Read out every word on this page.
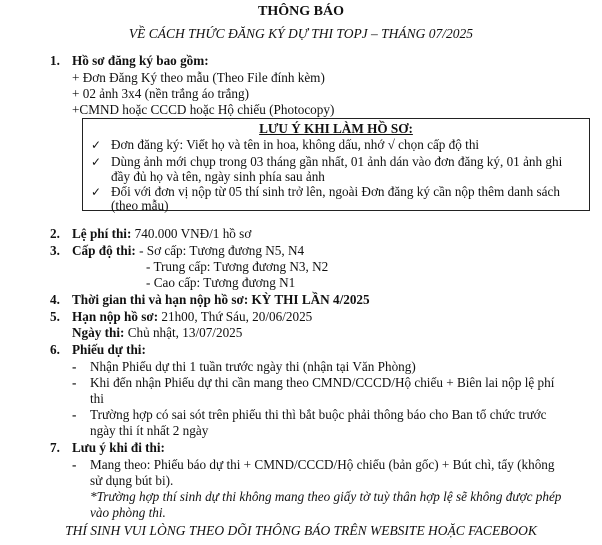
THÔNG BÁO
VỀ CÁCH THỨC ĐĂNG KÝ DỰ THI TOPJ – THÁNG 07/2025
1. Hồ sơ đăng ký bao gồm:
+ Đơn Đăng Ký theo mẫu (Theo File đính kèm)
+ 02 ảnh 3x4 (nền trắng áo trắng)
+CMND hoặc CCCD hoặc Hộ chiếu (Photocopy)
LƯU Ý KHI LÀM HỒ SƠ:
✓ Đơn đăng ký: Viết họ và tên in hoa, không dấu, nhớ √ chọn cấp độ thi
✓ Dùng ảnh mới chụp trong 03 tháng gần nhất, 01 ảnh dán vào đơn đăng ký, 01 ảnh ghi
đầy đủ họ và tên, ngày sinh phía sau ảnh
✓ Đối với đơn vị nộp từ 05 thí sinh trở lên, ngoài Đơn đăng ký cần nộp thêm danh sách
(theo mẫu)
2. Lệ phí thi: 740.000 VNĐ/1 hồ sơ
3. Cấp độ thi: - Sơ cấp: Tương đương N5, N4
- Trung cấp: Tương đương N3, N2
- Cao cấp: Tương đương N1
4. Thời gian thi và hạn nộp hồ sơ: KỲ THI LẦN 4/2025
5. Hạn nộp hồ sơ: 21h00, Thứ Sáu, 20/06/2025
Ngày thi: Chủ nhật, 13/07/2025
6. Phiếu dự thi:
- Nhận Phiếu dự thi 1 tuần trước ngày thi (nhận tại Văn Phòng)
- Khi đến nhận Phiếu dự thi cần mang theo CMND/CCCD/Hộ chiếu + Biên lai nộp lệ phí
thi
- Trường hợp có sai sót trên phiếu thi thì bắt buộc phải thông báo cho Ban tổ chức trước
ngày thi ít nhất 2 ngày
7. Lưu ý khi đi thi:
- Mang theo: Phiếu báo dự thi + CMND/CCCD/Hộ chiếu (bản gốc) + Bút chì, tẩy (không
sử dụng bút bi).
*Trường hợp thí sinh dự thi không mang theo giấy tờ tuỳ thân hợp lệ sẽ không được phép
vào phòng thi.
THÍ SINH VUI LÒNG THEO DÕI THÔNG BÁO TRÊN WEBSITE HOẶC FACEBOOK
